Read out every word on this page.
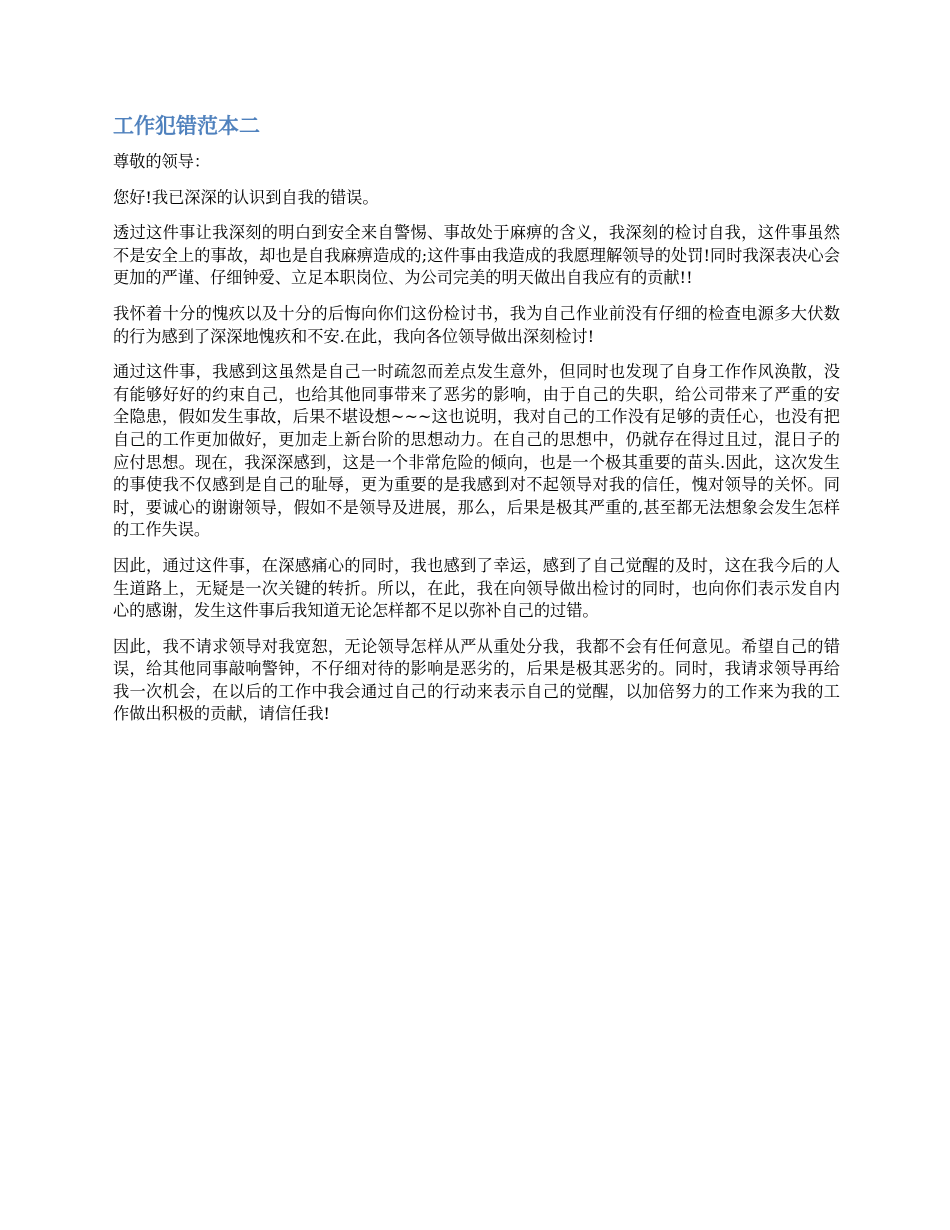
工作犯错范本二

尊敬的领导：

您好!我已深深的认识到自我的错误。

透过这件事让我深刻的明白到安全来自警惕、事故处于麻痹的含义，我深刻的检讨自我，这件事虽然不是安全上的事故，却也是自我麻痹造成的;这件事由我造成的我愿理解领导的处罚!同时我深表决心会更加的严谨、仔细钟爱、立足本职岗位、为公司完美的明天做出自我应有的贡献!!

我怀着十分的愧疚以及十分的后悔向你们这份检讨书，我为自己作业前没有仔细的检查电源多大伏数的行为感到了深深地愧疚和不安.在此，我向各位领导做出深刻检讨!

通过这件事，我感到这虽然是自己一时疏忽而差点发生意外，但同时也发现了自身工作作风涣散，没有能够好好的约束自己，也给其他同事带来了恶劣的影响，由于自己的失职，给公司带来了严重的安全隐患，假如发生事故，后果不堪设想~~~这也说明，我对自己的工作没有足够的责任心，也没有把自己的工作更加做好，更加走上新台阶的思想动力。在自己的思想中，仍就存在得过且过，混日子的应付思想。现在，我深深感到，这是一个非常危险的倾向，也是一个极其重要的苗头.因此，这次发生的事使我不仅感到是自己的耻辱，更为重要的是我感到对不起领导对我的信任，愧对领导的关怀。同时，要诚心的谢谢领导，假如不是领导及进展，那么，后果是极其严重的,甚至都无法想象会发生怎样的工作失误。

因此，通过这件事，在深感痛心的同时，我也感到了幸运，感到了自己觉醒的及时，这在我今后的人生道路上，无疑是一次关键的转折。所以，在此，我在向领导做出检讨的同时，也向你们表示发自内心的感谢，发生这件事后我知道无论怎样都不足以弥补自己的过错。

因此，我不请求领导对我宽恕，无论领导怎样从严从重处分我，我都不会有任何意见。希望自己的错误，给其他同事敲响警钟，不仔细对待的影响是恶劣的，后果是极其恶劣的。同时，我请求领导再给我一次机会，在以后的工作中我会通过自己的行动来表示自己的觉醒，以加倍努力的工作来为我的工作做出积极的贡献，请信任我!
